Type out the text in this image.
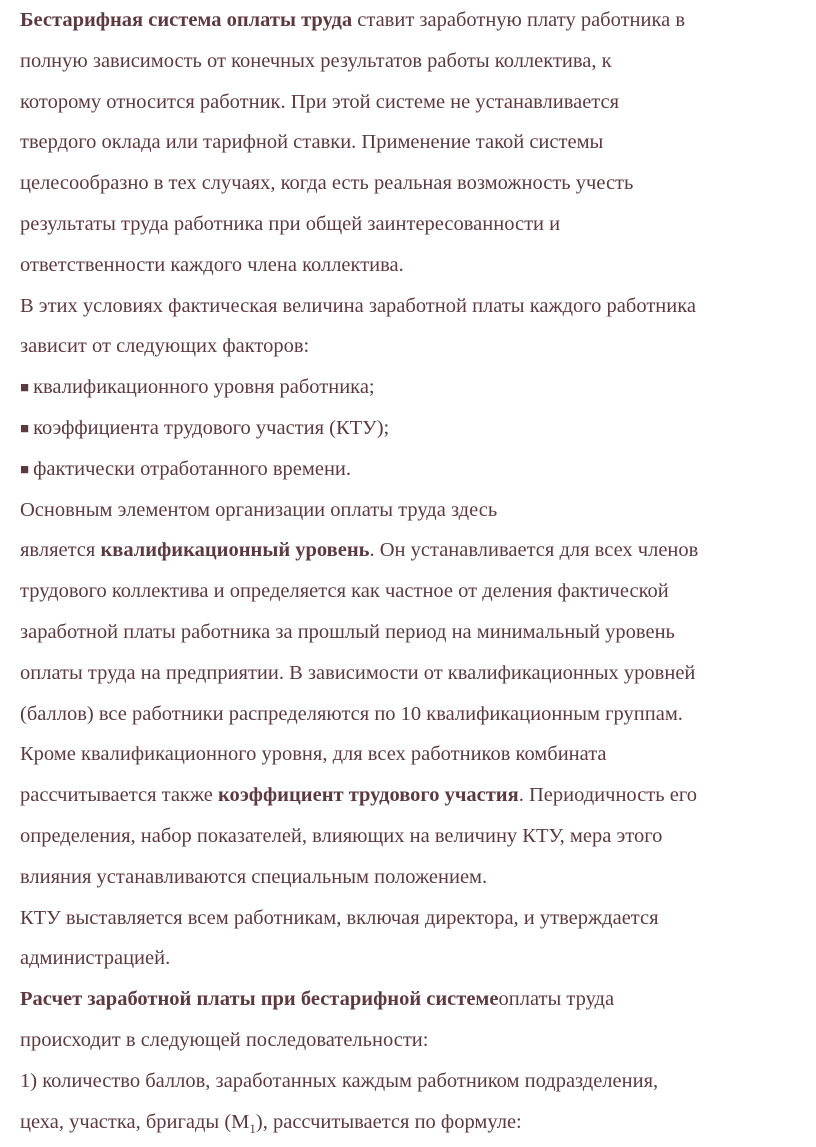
Бестарифная система оплаты труда ставит заработную плату работника в
полную зависимость от конечных результатов работы коллектива, к
которому относится работник. При этой системе не устанавливается
твердого оклада или тарифной ставки. Применение такой системы
целесообразно в тех случаях, когда есть реальная возможность учесть
результаты труда работника при общей заинтересованности и
ответственности каждого члена коллектива.
В этих условиях фактическая величина заработной платы каждого работника
зависит от следующих факторов:
■ квалификационного уровня работника;
■ коэффициента трудового участия (КТУ);
■ фактически отработанного времени.
Основным элементом организации оплаты труда здесь
является квалификационный уровень. Он устанавливается для всех членов
трудового коллектива и определяется как частное от деления фактической
заработной платы работника за прошлый период на минимальный уровень
оплаты труда на предприятии. В зависимости от квалификационных уровней
(баллов) все работники распределяются по 10 квалификационным группам.
Кроме квалификационного уровня, для всех работников комбината
рассчитывается также коэффициент трудового участия. Периодичность его
определения, набор показателей, влияющих на величину КТУ, мера этого
влияния устанавливаются специальным положением.
КТУ выставляется всем работникам, включая директора, и утверждается
администрацией.
Расчет заработной платы при бестарифной системеоплаты труда
происходит в следующей последовательности:
1) количество баллов, заработанных каждым работником подразделения,
цеха, участка, бригады $(М_1)$, рассчитывается по формуле:
